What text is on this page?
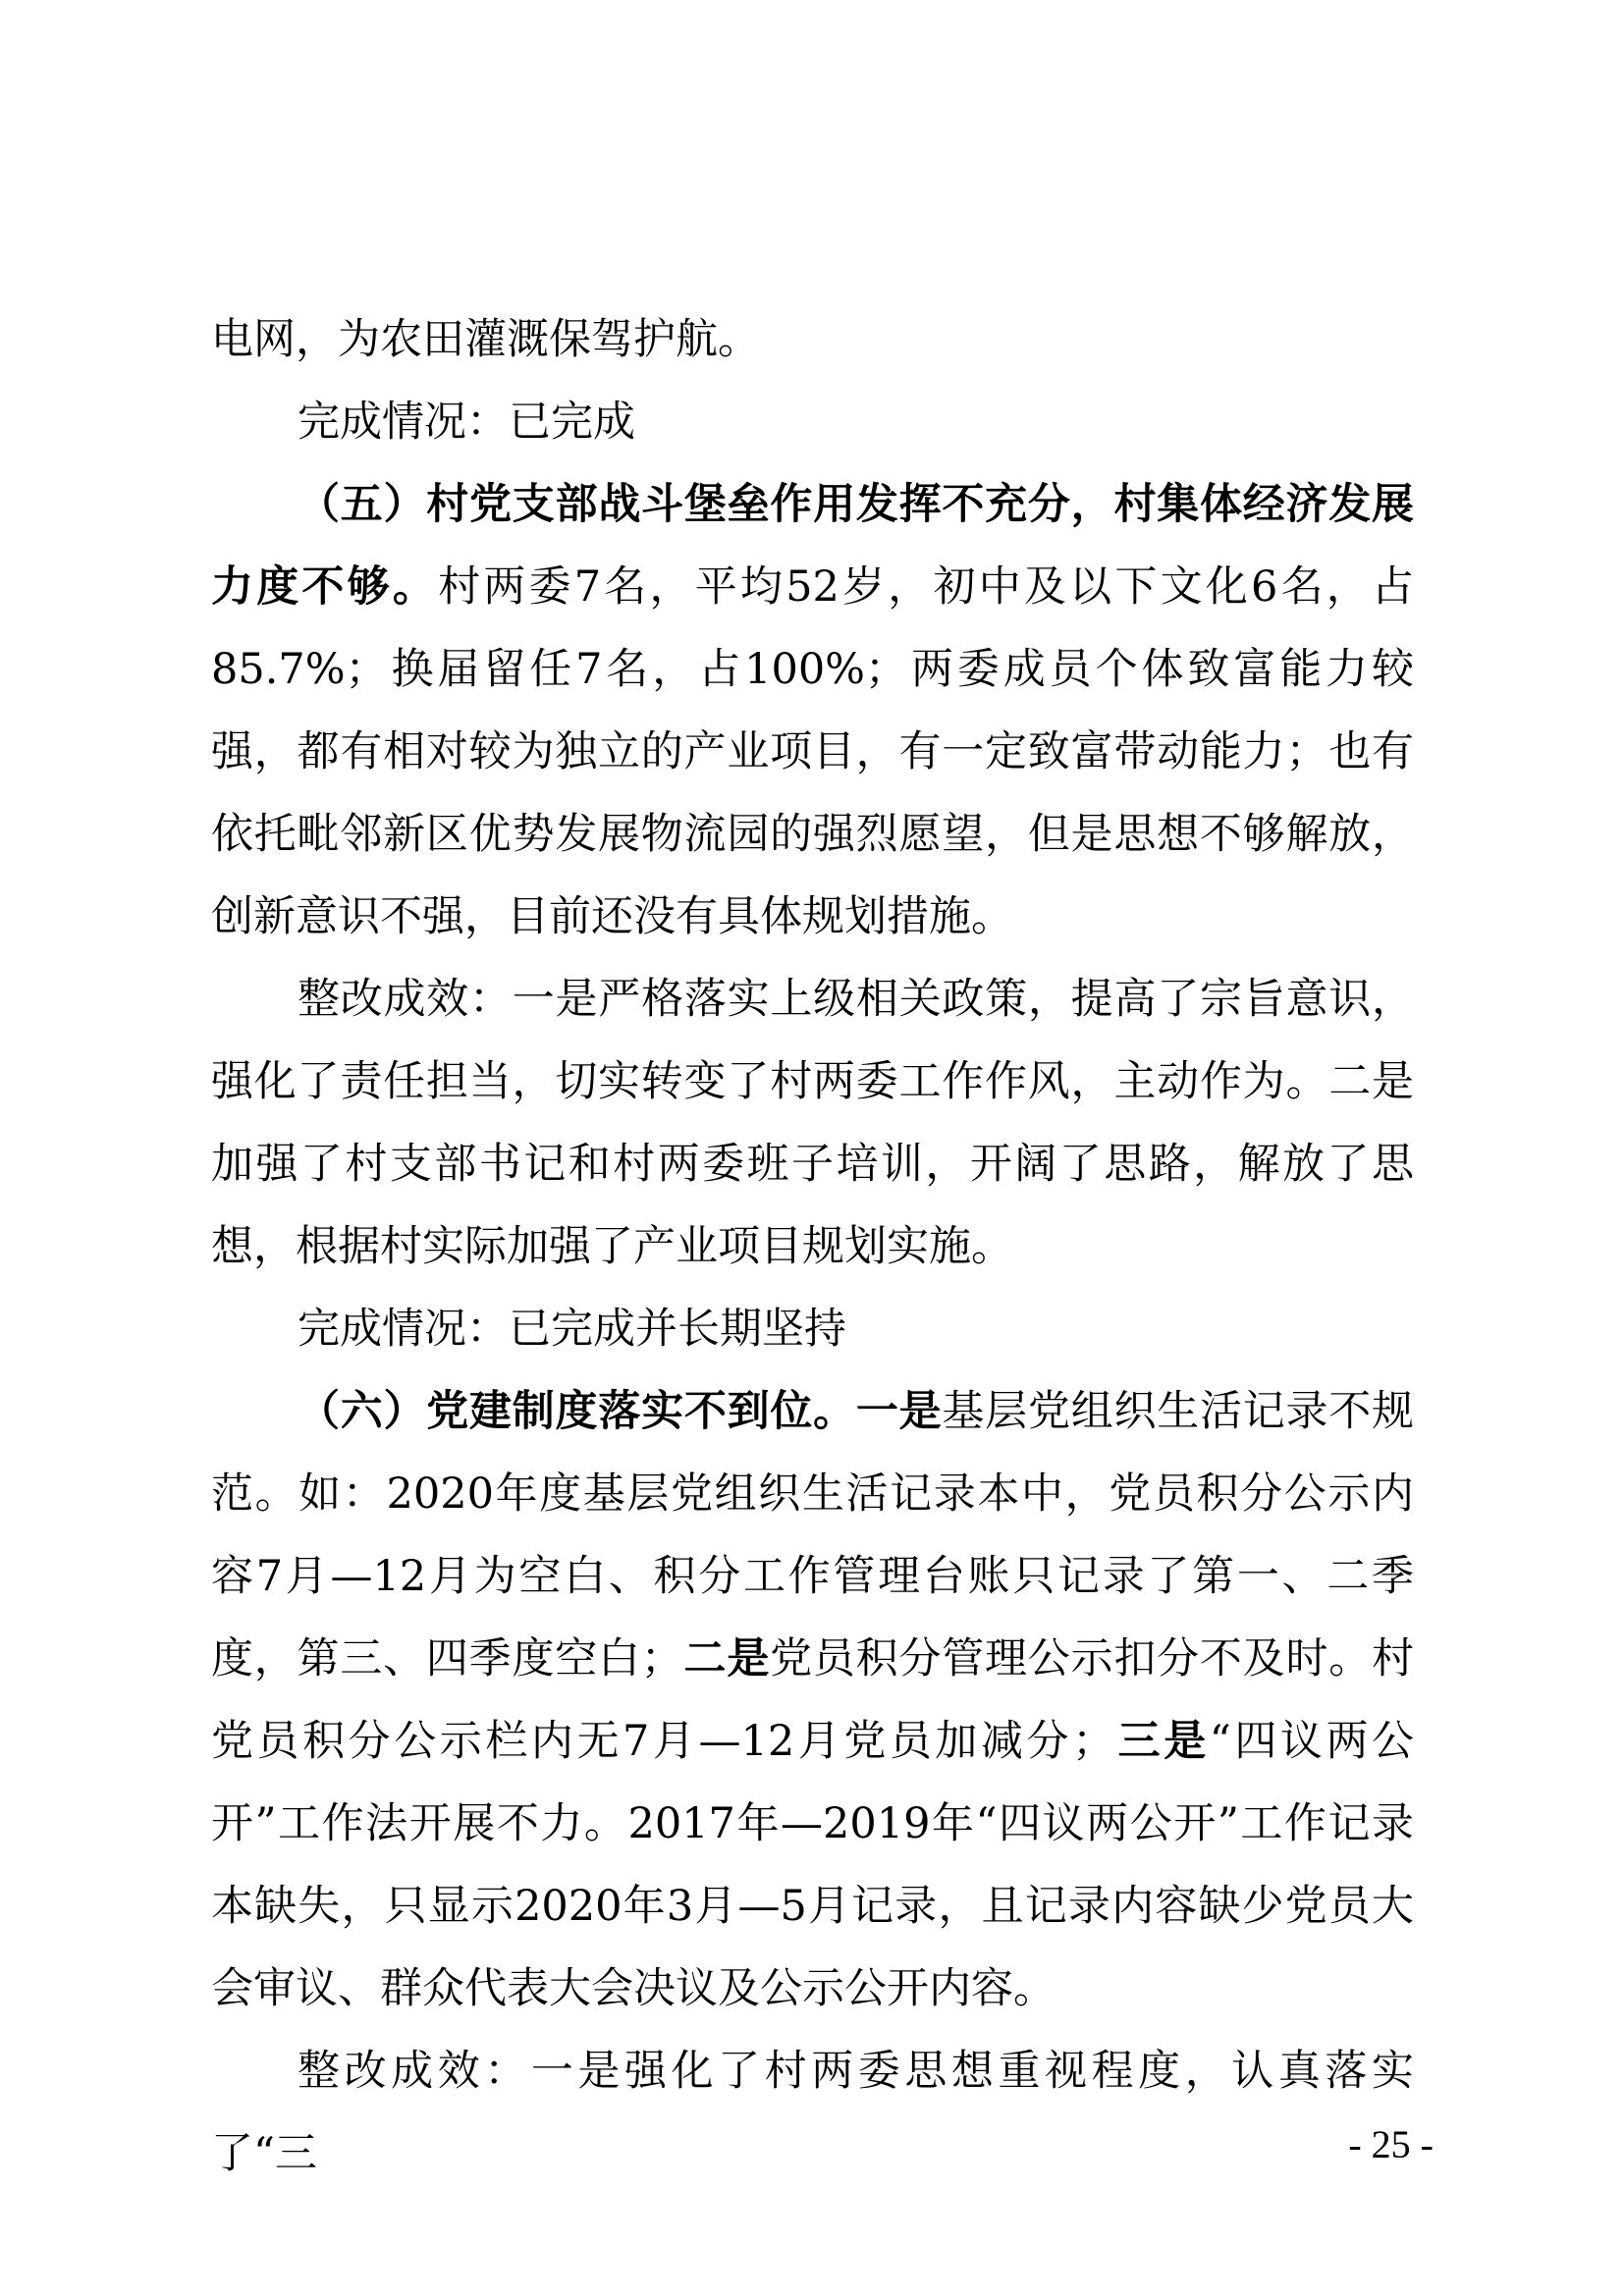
电网，为农田灌溉保驾护航。

完成情况：已完成

（五）村党支部战斗堡垒作用发挥不充分，村集体经济发展力度不够。村两委7名，平均52岁，初中及以下文化6名，占85.7%；换届留任7名，占100%；两委成员个体致富能力较强，都有相对较为独立的产业项目，有一定致富带动能力；也有依托毗邻新区优势发展物流园的强烈愿望，但是思想不够解放，创新意识不强，目前还没有具体规划措施。

整改成效：一是严格落实上级相关政策，提高了宗旨意识，强化了责任担当，切实转变了村两委工作作风，主动作为。二是加强了村支部书记和村两委班子培训，开阔了思路，解放了思想，根据村实际加强了产业项目规划实施。

完成情况：已完成并长期坚持

（六）党建制度落实不到位。一是基层党组织生活记录不规范。如：2020年度基层党组织生活记录本中，党员积分公示内容7月—12月为空白、积分工作管理台账只记录了第一、二季度，第三、四季度空白；二是党员积分管理公示扣分不及时。村党员积分公示栏内无7月—12月党员加减分；三是“四议两公开”工作法开展不力。2017年—2019年“四议两公开”工作记录本缺失，只显示2020年3月—5月记录，且记录内容缺少党员大会审议、群众代表大会决议及公示公开内容。

整改成效：一是强化了村两委思想重视程度，认真落实了“三	- 25 -
